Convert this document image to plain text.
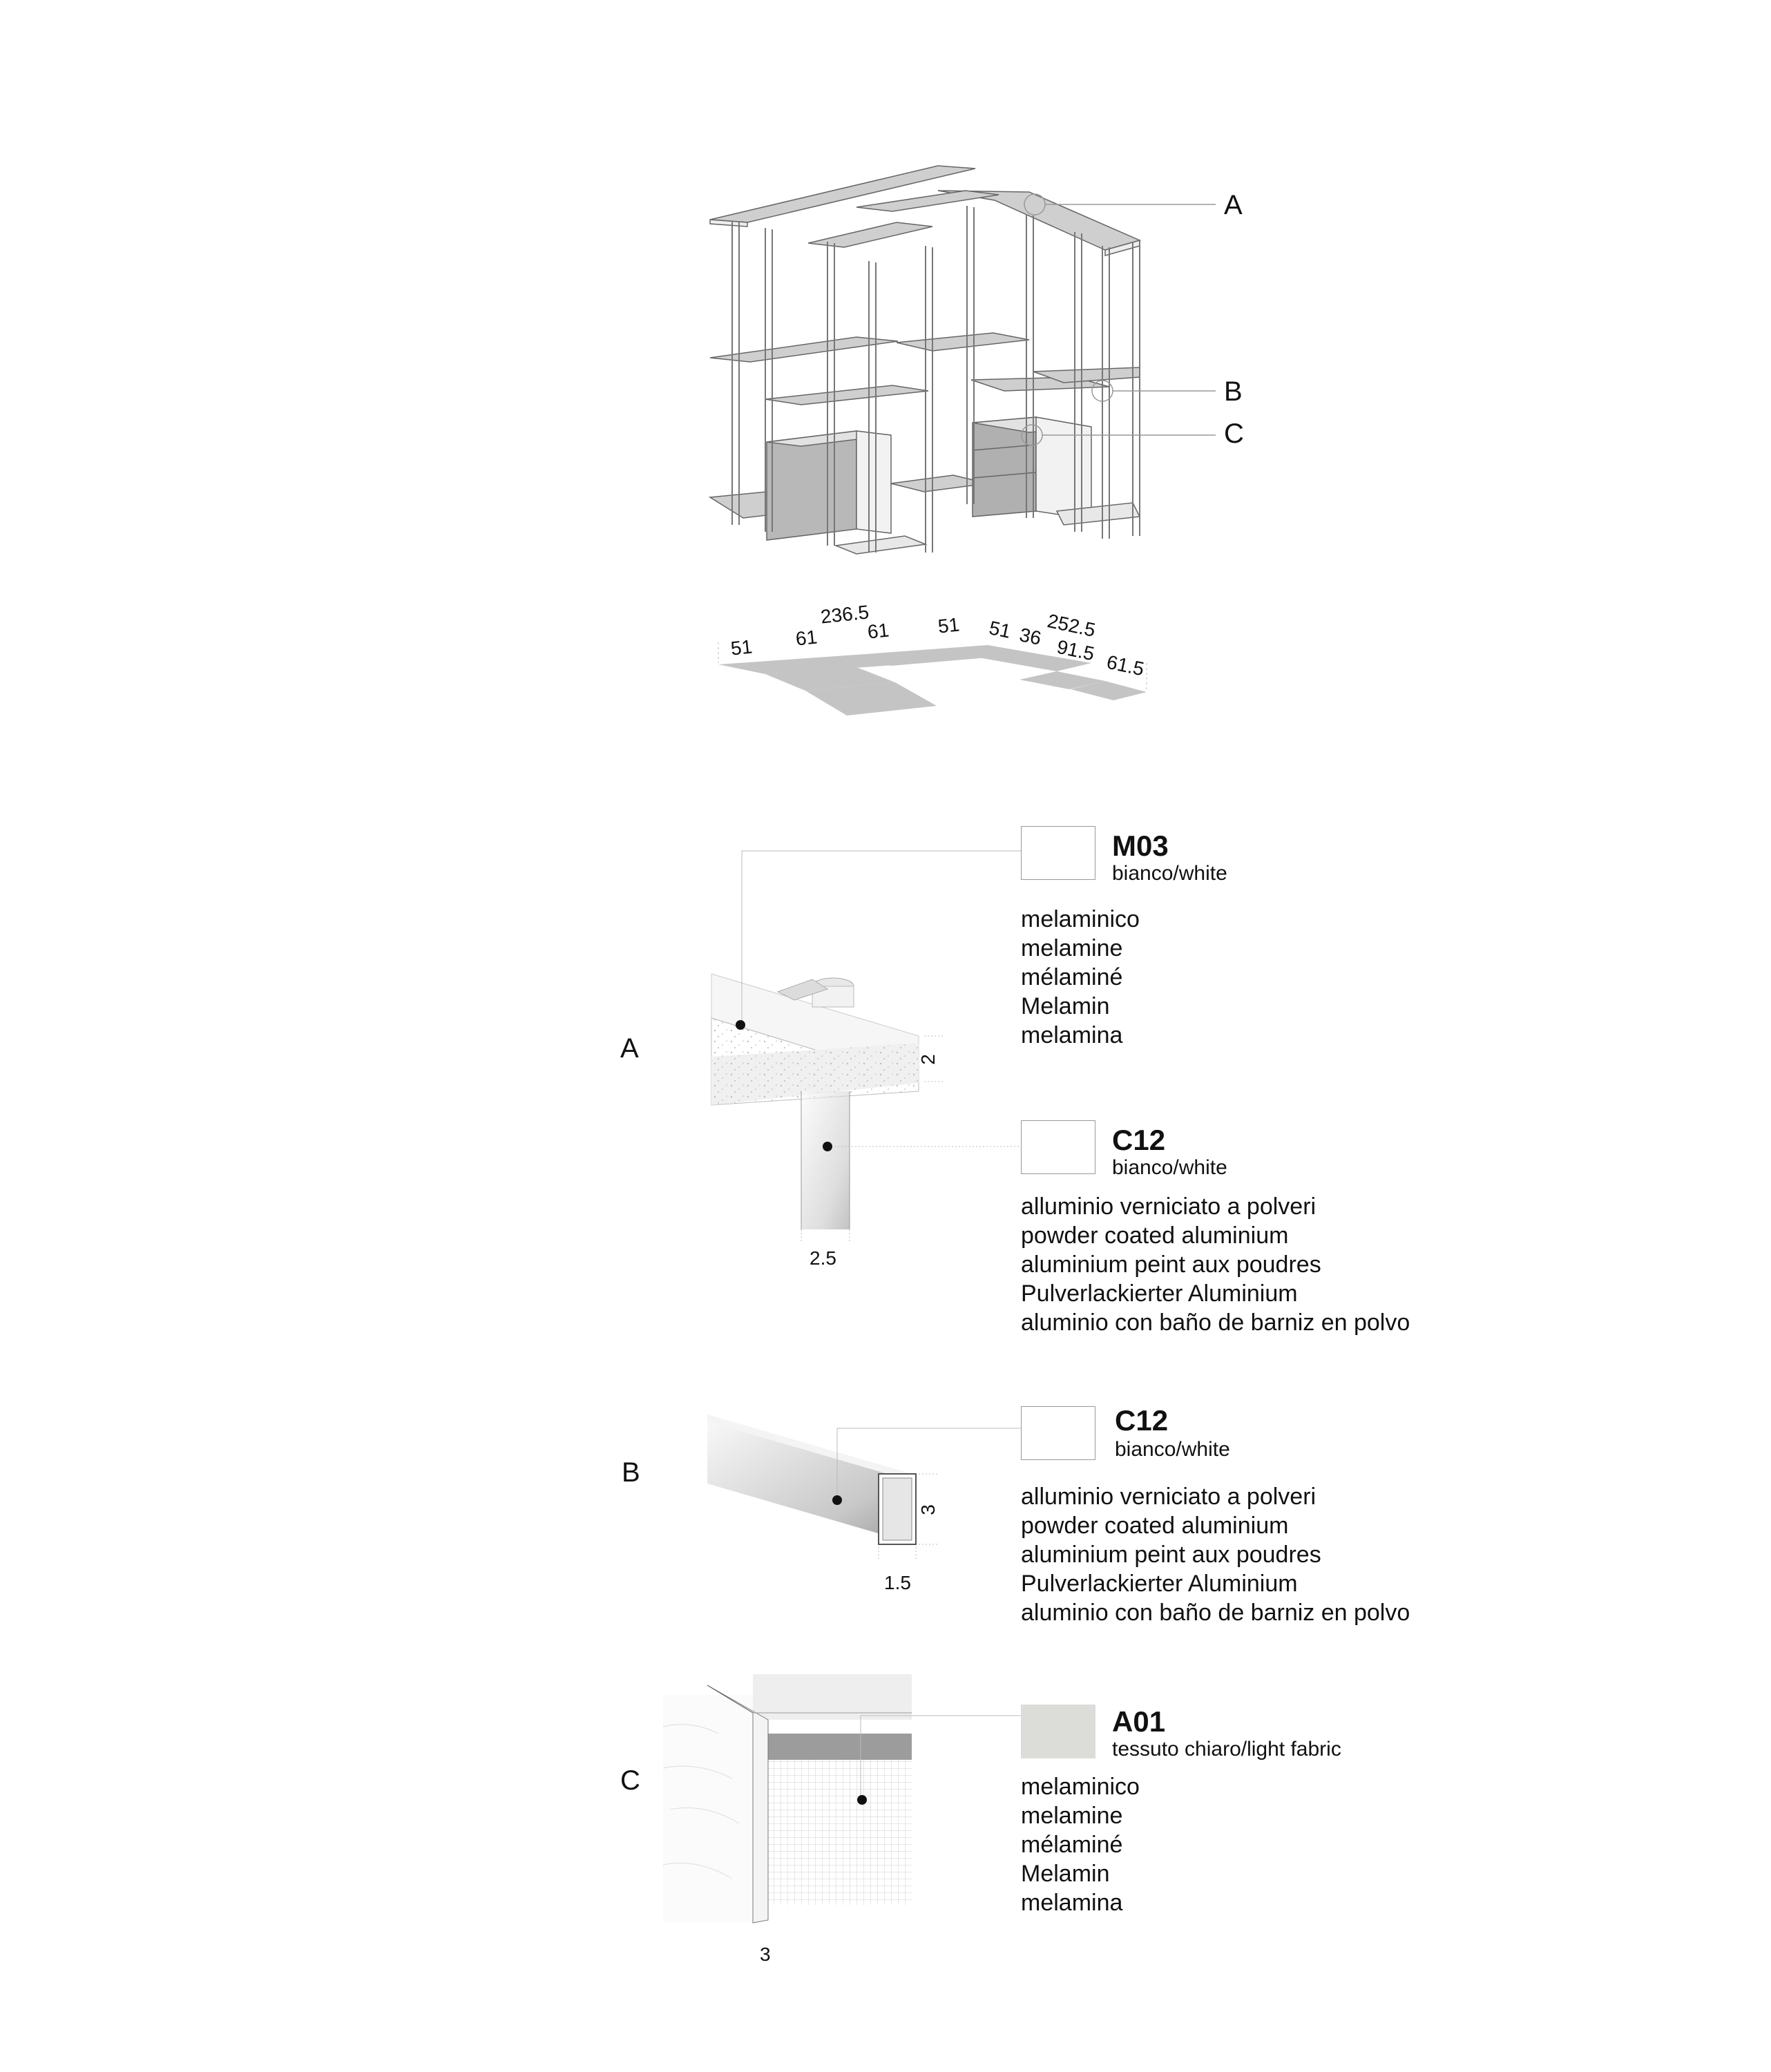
A
B
C
51 61
236.5
61 51 51 36 252.5
91.5
61.5
A	2
2.5
M03
bianco/white
melaminico
melamine
mélaminé
Melamin
melamina
C12
bianco/white
alluminio verniciato a polveri
powder coated aluminium
aluminium peint aux poudres
Pulverlackierter Aluminium
aluminio con baño de barniz en polvo
B
3
1.5
C12
bianco/white
alluminio verniciato a polveri
powder coated aluminium
aluminium peint aux poudres
Pulverlackierter Aluminium
aluminio con baño de barniz en polvo
C
3
A01
tessuto chiaro/light fabric
melaminico
melamine
mélaminé
Melamin
melamina
